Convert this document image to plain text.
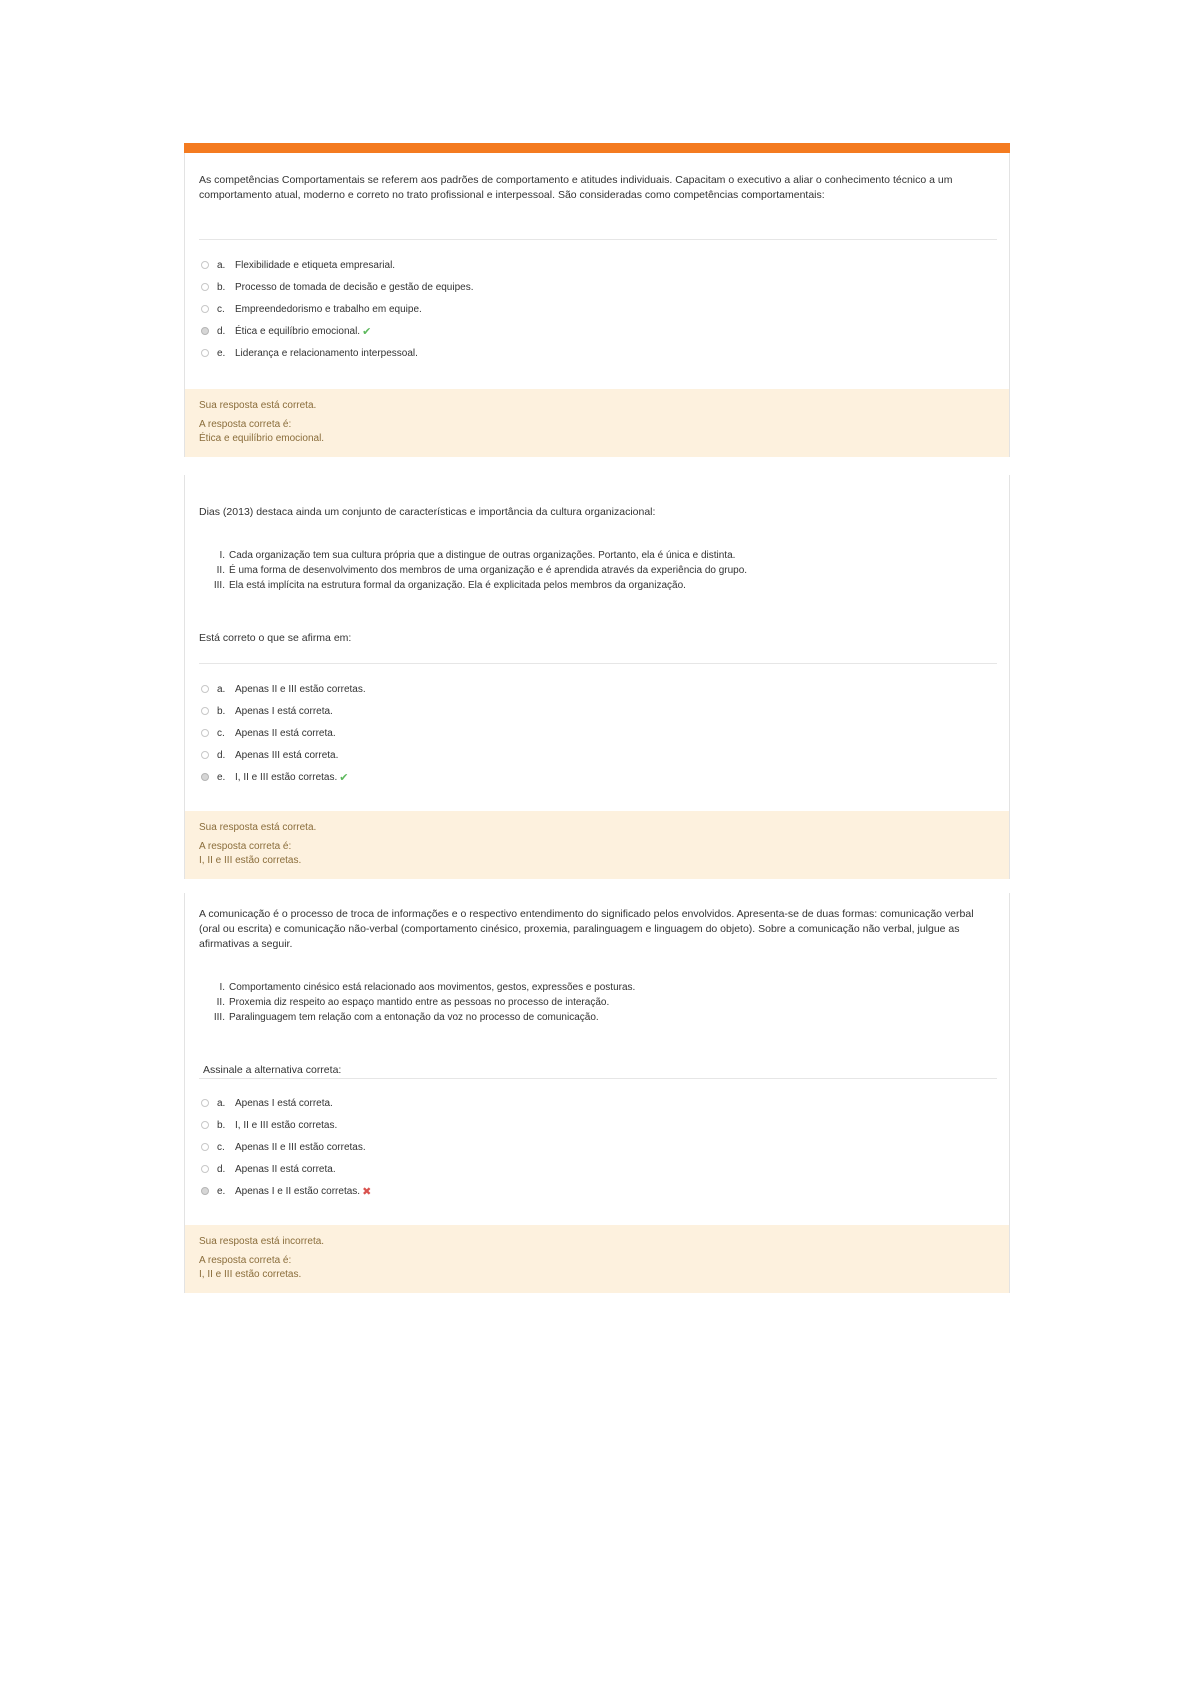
As competências Comportamentais se referem aos padrões de comportamento e atitudes individuais. Capacitam o executivo a aliar o conhecimento técnico a um comportamento atual, moderno e correto no trato profissional e interpessoal. São consideradas como competências comportamentais:

a. Flexibilidade e etiqueta empresarial.
b. Processo de tomada de decisão e gestão de equipes.
c.	Empreendedorismo e trabalho em equipe.
d. Ética e equilíbrio emocional. ✔
e. Liderança e relacionamento interpessoal.
Sua resposta está correta.
A resposta correta é:
Ética e equilíbrio emocional.

Dias (2013) destaca ainda um conjunto de características e importância da cultura organizacional:

I. Cada organização tem sua cultura própria que a distingue de outras organizações. Portanto, ela é única e distinta.
II. É uma forma de desenvolvimento dos membros de uma organização e é aprendida através da experiência do grupo.
III. Ela está implícita na estrutura formal da organização. Ela é explicitada pelos membros da organização.
Está correto o que se afirma em:
a. Apenas II e III estão corretas.
b. Apenas I está correta.
c.	Apenas II está correta.
d. Apenas III está correta.
e. I, II e III estão corretas. ✔
Sua resposta está correta.
A resposta correta é:
I, II e III estão corretas.

A comunicação é o processo de troca de informações e o respectivo entendimento do significado pelos envolvidos. Apresenta-se de duas formas: comunicação verbal (oral ou escrita) e comunicação não-verbal (comportamento cinésico, proxemia, paralinguagem e linguagem do objeto). Sobre a comunicação não verbal, julgue as afirmativas a seguir.

I. Comportamento cinésico está relacionado aos movimentos, gestos, expressões e posturas.
II. Proxemia diz respeito ao espaço mantido entre as pessoas no processo de interação.
III. Paralinguagem tem relação com a entonação da voz no processo de comunicação.
Assinale a alternativa correta:
a. Apenas I está correta.
b. I, II e III estão corretas.
c.	Apenas II e III estão corretas.
d. Apenas II está correta.
e. Apenas I e II estão corretas. ✖
Sua resposta está incorreta.
A resposta correta é:
I, II e III estão corretas.
